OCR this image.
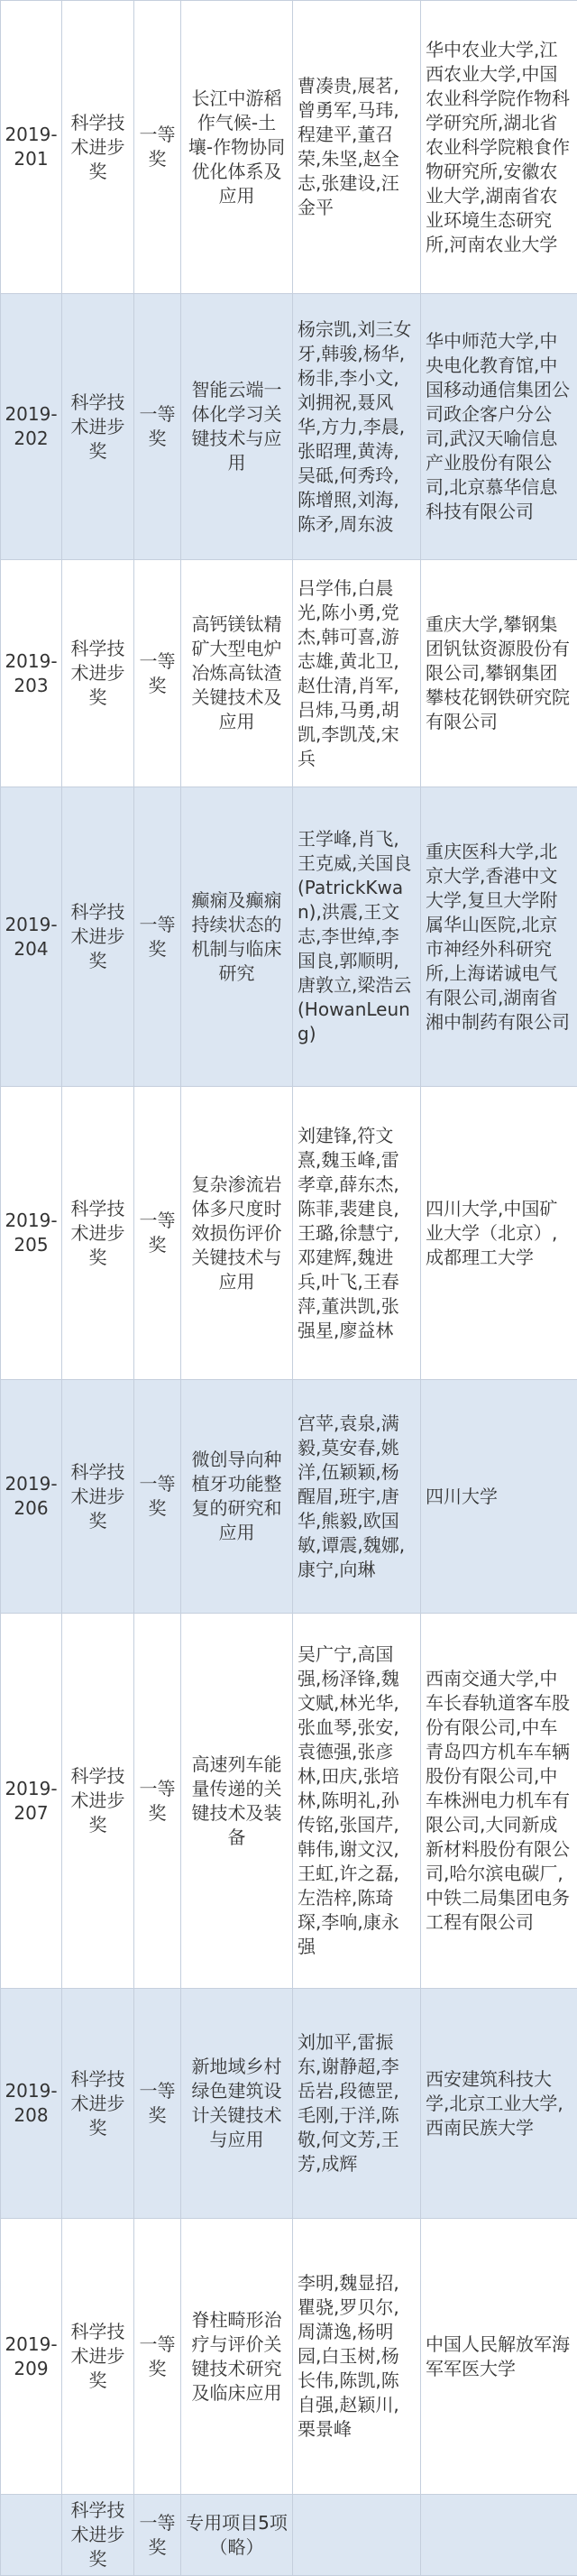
2019-201	科学技术进步奖	一等奖	长江中游稻作气候-土壤-作物协同优化体系及应用	曹凑贵,展茗,曾勇军,马玮,程建平,董召荣,朱坚,赵全志,张建设,汪金平	华中农业大学,江西农业大学,中国农业科学院作物科学研究所,湖北省农业科学院粮食作物研究所,安徽农业大学,湖南省农业环境生态研究所,河南农业大学
2019-202	科学技术进步奖	一等奖	智能云端一体化学习关键技术与应用	杨宗凯,刘三女牙,韩骏,杨华,杨非,李小文,刘拥祝,聂风华,方力,李晨,张昭理,黄涛,吴砥,何秀玲,陈增照,刘海,陈矛,周东波	华中师范大学,中央电化教育馆,中国移动通信集团公司政企客户分公司,武汉天喻信息产业股份有限公司,北京慕华信息科技有限公司
2019-203	科学技术进步奖	一等奖	高钙镁钛精矿大型电炉冶炼高钛渣关键技术及应用	吕学伟,白晨光,陈小勇,党杰,韩可喜,游志雄,黄北卫,赵仕清,肖军,吕炜,马勇,胡凯,李凯茂,宋兵	重庆大学,攀钢集团钒钛资源股份有限公司,攀钢集团攀枝花钢铁研究院有限公司
2019-204	科学技术进步奖	一等奖	癫痫及癫痫持续状态的机制与临床研究	王学峰,肖飞,王克威,关国良(PatrickKwan),洪震,王文志,李世绰,李国良,郭顺明,唐敦立,梁浩云(HowanLeung)	重庆医科大学,北京大学,香港中文大学,复旦大学附属华山医院,北京市神经外科研究所,上海诺诚电气有限公司,湖南省湘中制药有限公司
2019-205	科学技术进步奖	一等奖	复杂渗流岩体多尺度时效损伤评价关键技术与应用	刘建锋,符文熹,魏玉峰,雷孝章,薛东杰,陈菲,裴建良,王璐,徐慧宁,邓建辉,魏进兵,叶飞,王春萍,董洪凯,张强星,廖益林	四川大学,中国矿业大学（北京）,成都理工大学
2019-206	科学技术进步奖	一等奖	微创导向种植牙功能整复的研究和应用	宫苹,袁泉,满毅,莫安春,姚洋,伍颖颖,杨醒眉,班宇,唐华,熊毅,欧国敏,谭震,魏娜,康宁,向琳	四川大学
2019-207	科学技术进步奖	一等奖	高速列车能量传递的关键技术及装备	吴广宁,高国强,杨泽锋,魏文赋,林光华,张血琴,张安,袁德强,张彦林,田庆,张培林,陈明礼,孙传铭,张国芹,韩伟,谢文汉,王虹,许之磊,左浩梓,陈琦琛,李响,康永强	西南交通大学,中车长春轨道客车股份有限公司,中车青岛四方机车车辆股份有限公司,中车株洲电力机车有限公司,大同新成新材料股份有限公司,哈尔滨电碳厂,中铁二局集团电务工程有限公司
2019-208	科学技术进步奖	一等奖	新地域乡村绿色建筑设计关键技术与应用	刘加平,雷振东,谢静超,李岳岩,段德罡,毛刚,于洋,陈敬,何文芳,王芳,成辉	西安建筑科技大学,北京工业大学,西南民族大学
2019-209	科学技术进步奖	一等奖	脊柱畸形治疗与评价关键技术研究及临床应用	李明,魏显招,瞿骁,罗贝尔,周潇逸,杨明园,白玉树,杨长伟,陈凯,陈自强,赵颖川,栗景峰	中国人民解放军海军军医大学
	科学技术进步奖	一等奖	专用项目5项（略）		
